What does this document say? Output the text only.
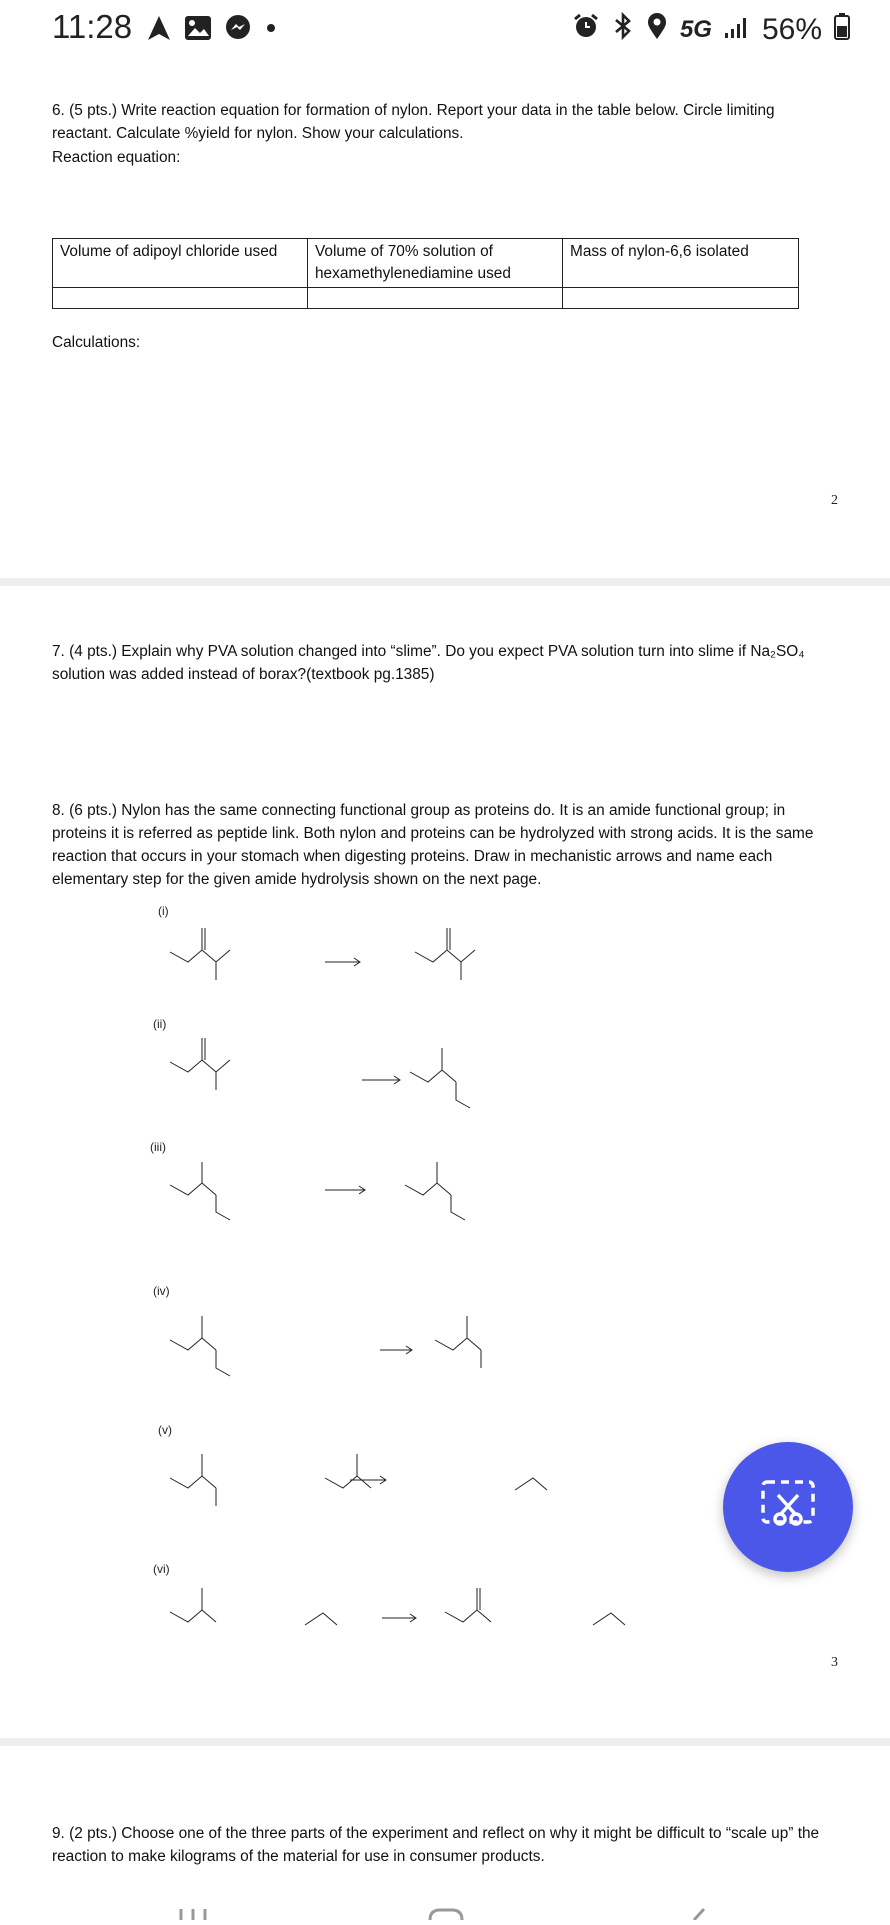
11:28	5G 56%
6. (5 pts.) Write reaction equation for formation of nylon. Report your data in the table below. Circle limiting reactant. Calculate %yield for nylon. Show your calculations.
Reaction equation:
Volume of adipoyl chloride used	Volume of 70% solution of hexamethylenediamine used	Mass of nylon-6,6 isolated

Calculations:
2
7. (4 pts.) Explain why PVA solution changed into “slime”. Do you expect PVA solution turn into slime if Na₂SO₄ solution was added instead of borax?(textbook pg.1385)
8. (6 pts.) Nylon has the same connecting functional group as proteins do. It is an amide functional group; in proteins it is referred as peptide link. Both nylon and proteins can be hydrolyzed with strong acids. It is the same reaction that occurs in your stomach when digesting proteins. Draw in mechanistic arrows and name each elementary step for the given amide hydrolysis shown on the next page.
(i)
(ii)
(iii)
(iv)
(v)
(vi)
3
9. (2 pts.) Choose one of the three parts of the experiment and reflect on why it might be difficult to “scale up” the reaction to make kilograms of the material for use in consumer products.
